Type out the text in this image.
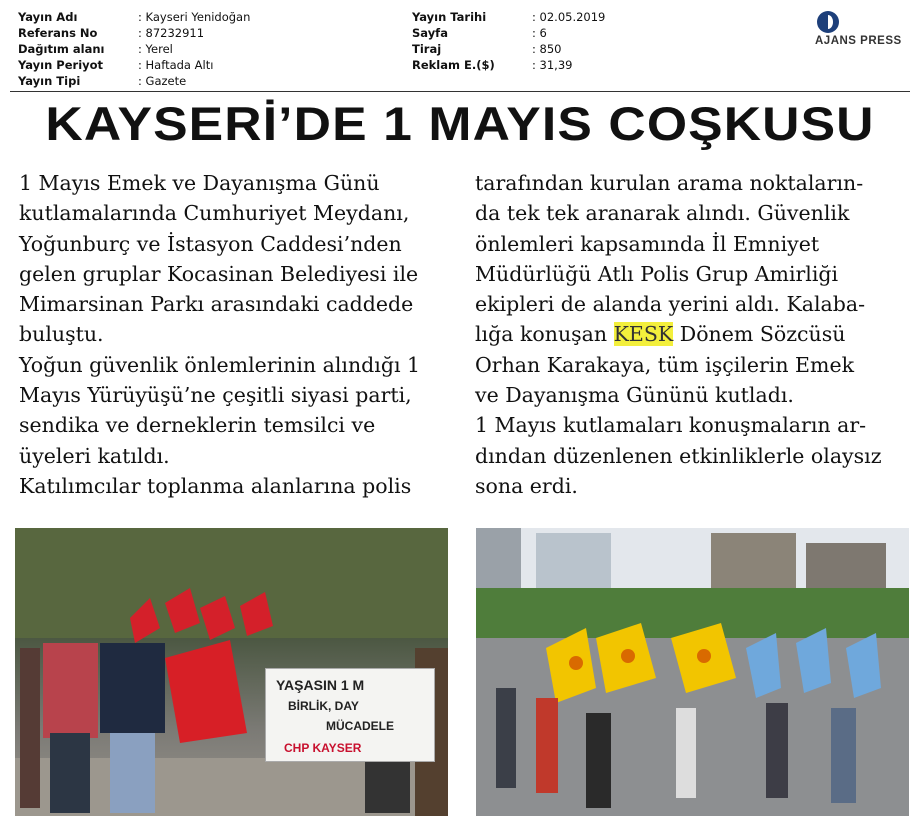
Yayın Adı	: Kayseri Yenidoğan
Referans No	: 87232911
Dağıtım alanı	: Yerel
Yayın Periyot	: Haftada Altı
Yayın Tipi	: Gazete
Yayın Tarihi	: 02.05.2019
Sayfa	: 6
Tiraj	: 850
Reklam E.($)	: 31,39
AJANS PRESS
KAYSERİ’DE 1 MAYIS COŞKUSU
1 Mayıs Emek ve Dayanışma Günü
kutlamalarında Cumhuriyet Meydanı,
Yoğunburç ve İstasyon Caddesi’nden
gelen gruplar Kocasinan Belediyesi ile
Mimarsinan Parkı arasındaki caddede
buluştu.
Yoğun güvenlik önlemlerinin alındığı 1
Mayıs Yürüyüşü’ne çeşitli siyasi parti,
sendika ve derneklerin temsilci ve
üyeleri katıldı.
Katılımcılar toplanma alanlarına polis
tarafından kurulan arama noktaların-
da tek tek aranarak alındı. Güvenlik
önlemleri kapsamında İl Emniyet
Müdürlüğü Atlı Polis Grup Amirliği
ekipleri de alanda yerini aldı. Kalaba-
lığa konuşan KESK Dönem Sözcüsü
Orhan Karakaya, tüm işçilerin Emek
ve Dayanışma Gününü kutladı.
1 Mayıs kutlamaları konuşmaların ar-
dından düzenlenen etkinliklerle olaysız
sona erdi.
YAŞASIN 1 M
BİRLİK, DAY
MÜCADELE
CHP KAYSER
